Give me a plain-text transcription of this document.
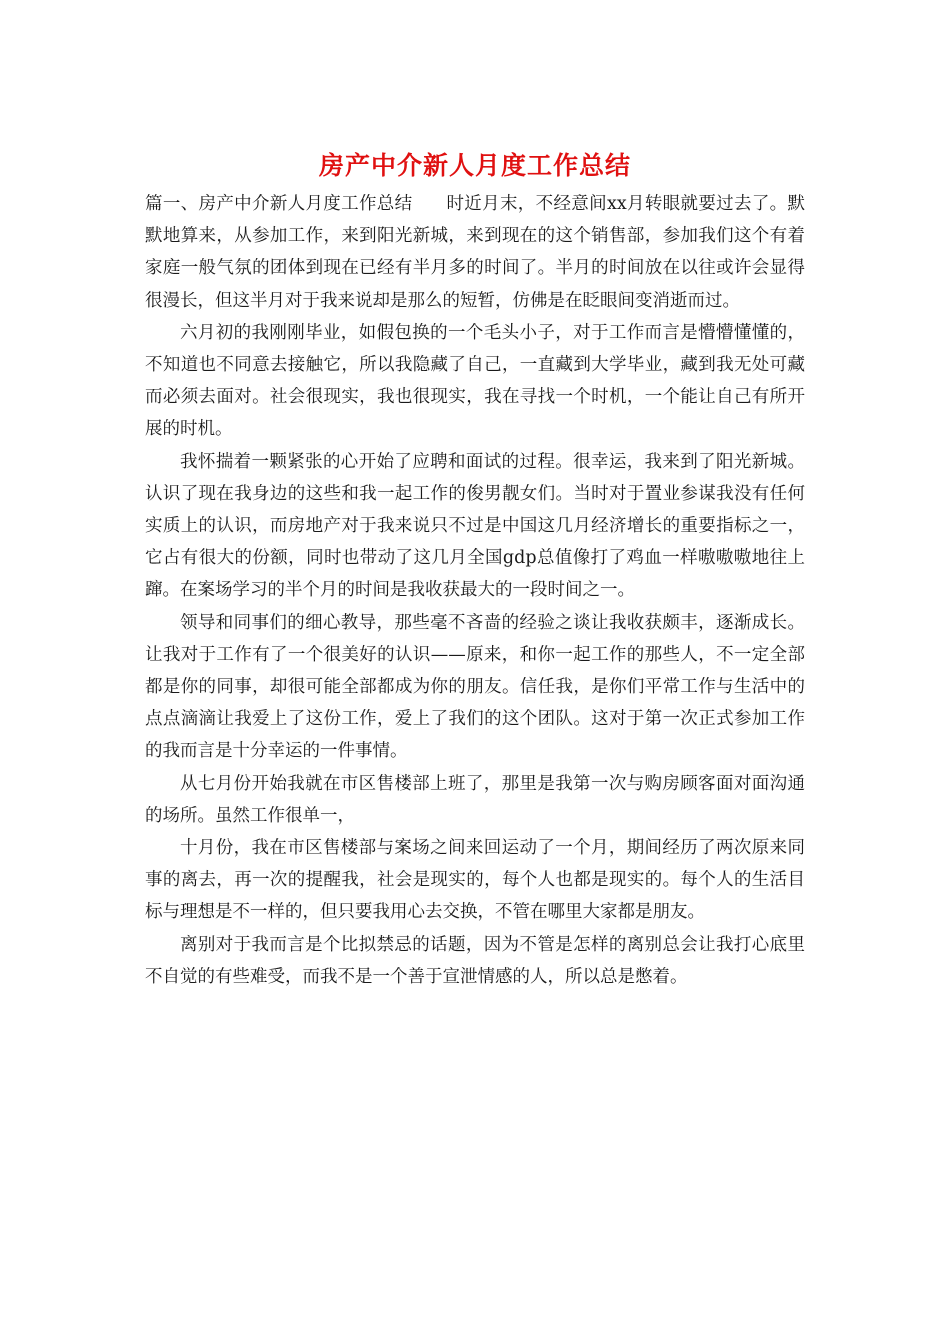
房产中介新人月度工作总结

篇一、房产中介新人月度工作总结 时近月末，不经意间xx月转眼就要过去了。默默地算来，从参加工作，来到阳光新城，来到现在的这个销售部，参加我们这个有着家庭一般气氛的团体到现在已经有半月多的时间了。半月的时间放在以往或许会显得很漫长，但这半月对于我来说却是那么的短暂，仿佛是在眨眼间变消逝而过。

六月初的我刚刚毕业，如假包换的一个毛头小子，对于工作而言是懵懵懂懂的，不知道也不同意去接触它，所以我隐藏了自己，一直藏到大学毕业，藏到我无处可藏而必须去面对。社会很现实，我也很现实，我在寻找一个时机，一个能让自己有所开展的时机。

我怀揣着一颗紧张的心开始了应聘和面试的过程。很幸运，我来到了阳光新城。认识了现在我身边的这些和我一起工作的俊男靓女们。当时对于置业参谋我没有任何实质上的认识，而房地产对于我来说只不过是中国这几月经济增长的重要指标之一，它占有很大的份额，同时也带动了这几月全国gdp总值像打了鸡血一样嗷嗷嗷地往上蹿。在案场学习的半个月的时间是我收获最大的一段时间之一。

领导和同事们的细心教导，那些毫不吝啬的经验之谈让我收获颇丰，逐渐成长。让我对于工作有了一个很美好的认识——原来，和你一起工作的那些人，不一定全部都是你的同事，却很可能全部都成为你的朋友。信任我，是你们平常工作与生活中的点点滴滴让我爱上了这份工作，爱上了我们的这个团队。这对于第一次正式参加工作的我而言是十分幸运的一件事情。

从七月份开始我就在市区售楼部上班了，那里是我第一次与购房顾客面对面沟通的场所。虽然工作很单一，

十月份，我在市区售楼部与案场之间来回运动了一个月，期间经历了两次原来同事的离去，再一次的提醒我，社会是现实的，每个人也都是现实的。每个人的生活目标与理想是不一样的，但只要我用心去交换，不管在哪里大家都是朋友。

离别对于我而言是个比拟禁忌的话题，因为不管是怎样的离别总会让我打心底里不自觉的有些难受，而我不是一个善于宣泄情感的人，所以总是憋着。
